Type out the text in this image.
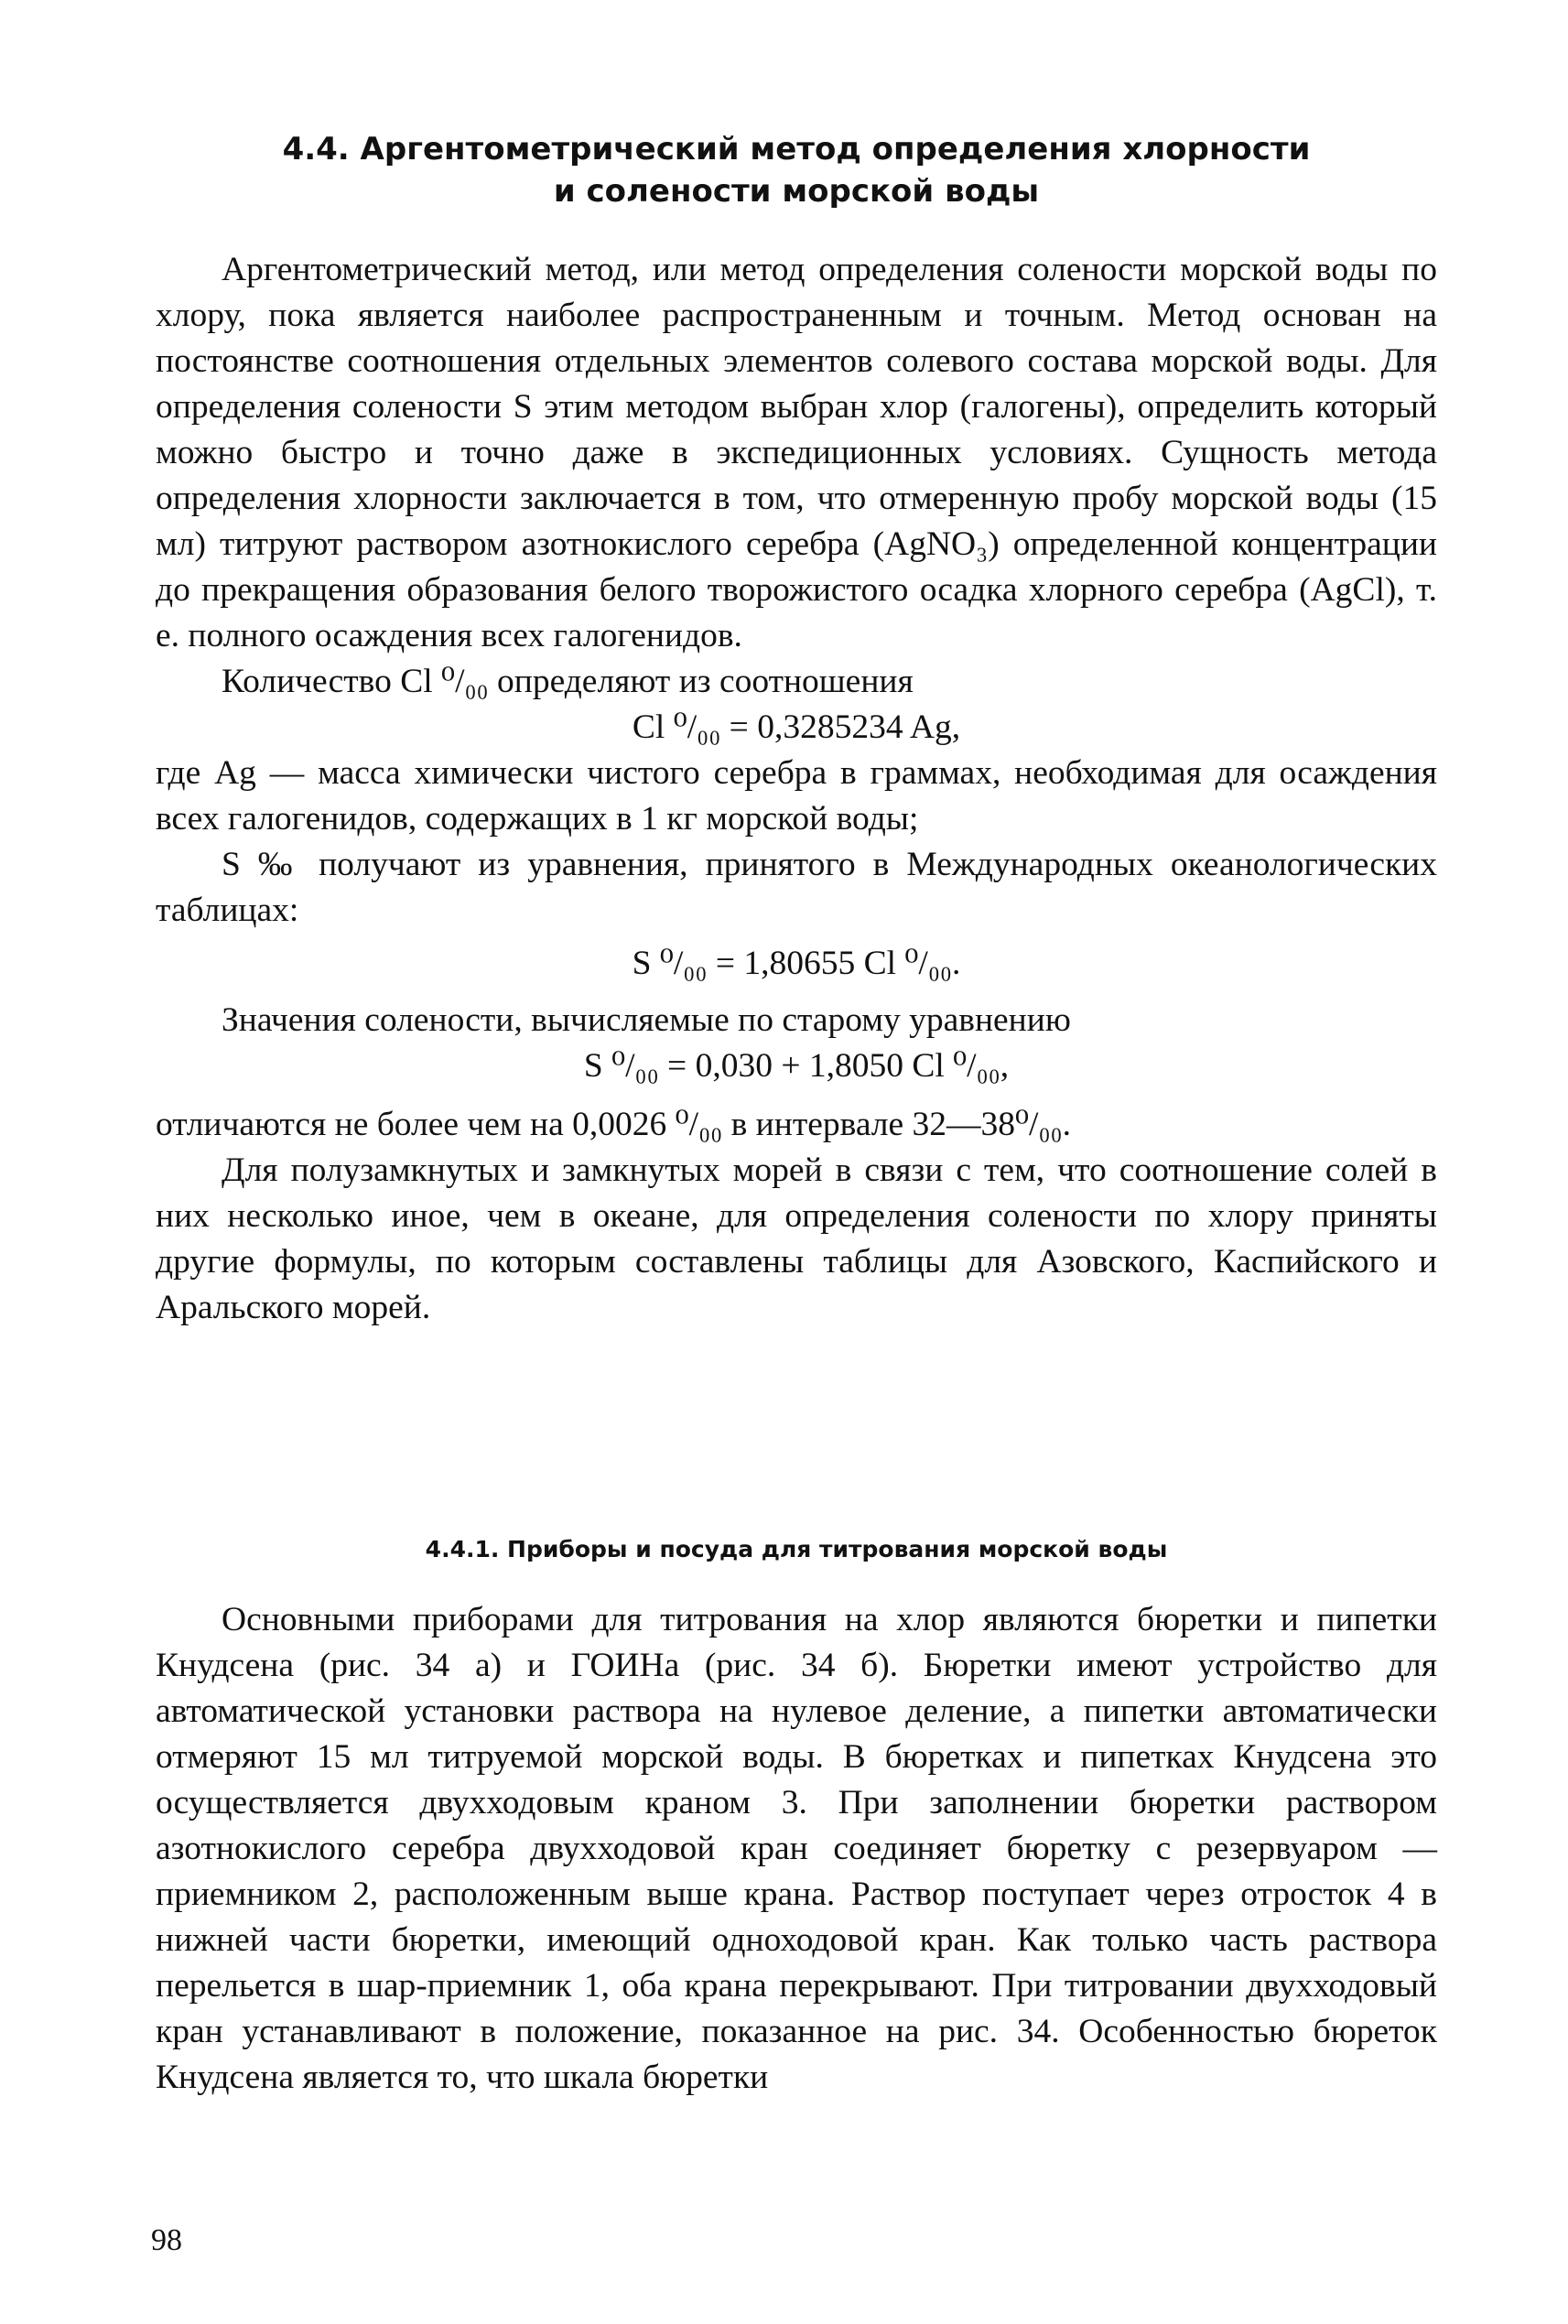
4.4. Аргентометрический метод определения хлорности
и солености морской воды

Аргентометрический метод, или метод определения солености морской воды по хлору, пока является наиболее распространенным и точным. Метод основан на постоянстве соотношения отдельных элементов солевого состава морской воды. Для определения солености S этим методом выбран хлор (галогены), определить который можно быстро и точно даже в экспедиционных условиях. Сущность метода определения хлорности заключается в том, что отмеренную пробу морской воды (15 мл) титруют раствором азотнокислого серебра (AgNO₃) определенной концентрации до прекращения образования белого творожистого осадка хлорного серебра (AgCl), т. е. полного осаждения всех галогенидов.

Количество Cl ⁰/₀₀ определяют из соотношения

Cl ⁰/₀₀ = 0,3285234 Ag,

где Ag — масса химически чистого серебра в граммах, необходимая для осаждения всех галогенидов, содержащих в 1 кг морской воды;

S ‰ получают из уравнения, принятого в Международных океанологических таблицах:

S ⁰/₀₀ = 1,80655 Cl ⁰/₀₀.

Значения солености, вычисляемые по старому уравнению

S ⁰/₀₀ = 0,030 + 1,8050 Cl ⁰/₀₀,

отличаются не более чем на 0,0026 ⁰/₀₀ в интервале 32—38⁰/₀₀.

Для полузамкнутых и замкнутых морей в связи с тем, что соотношение солей в них несколько иное, чем в океане, для определения солености по хлору приняты другие формулы, по которым составлены таблицы для Азовского, Каспийского и Аральского морей.

4.4.1. Приборы и посуда для титрования морской воды

Основными приборами для титрования на хлор являются бюретки и пипетки Кнудсена (рис. 34 а) и ГОИНа (рис. 34 б). Бюретки имеют устройство для автоматической установки раствора на нулевое деление, а пипетки автоматически отмеряют 15 мл титруемой морской воды. В бюретках и пипетках Кнудсена это осуществляется двухходовым краном 3. При заполнении бюретки раствором азотнокислого серебра двухходовой кран соединяет бюретку с резервуаром — приемником 2, расположенным выше крана. Раствор поступает через отросток 4 в нижней части бюретки, имеющий одноходовой кран. Как только часть раствора перельется в шар-приемник 1, оба крана перекрывают. При титровании двухходовый кран устанавливают в положение, показанное на рис. 34. Особенностью бюреток Кнудсена является то, что шкала бюретки

98
